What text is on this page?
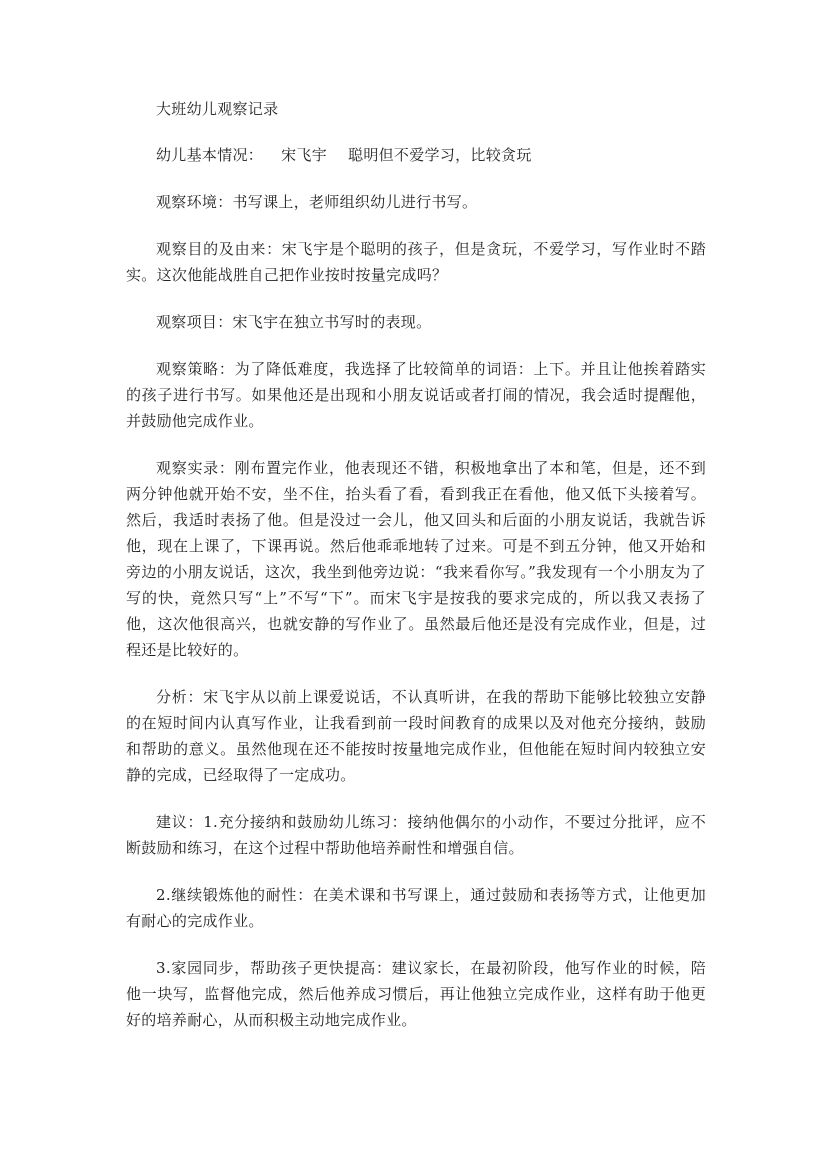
大班幼儿观察记录

幼儿基本情况： 宋飞宇 聪明但不爱学习，比较贪玩

观察环境：书写课上，老师组织幼儿进行书写。

观察目的及由来：宋飞宇是个聪明的孩子，但是贪玩，不爱学习，写作业时不踏实。这次他能战胜自己把作业按时按量完成吗？

观察项目：宋飞宇在独立书写时的表现。

观察策略：为了降低难度，我选择了比较简单的词语：上下。并且让他挨着踏实的孩子进行书写。如果他还是出现和小朋友说话或者打闹的情况，我会适时提醒他，并鼓励他完成作业。

观察实录：刚布置完作业，他表现还不错，积极地拿出了本和笔，但是，还不到两分钟他就开始不安，坐不住，抬头看了看，看到我正在看他，他又低下头接着写。然后，我适时表扬了他。但是没过一会儿，他又回头和后面的小朋友说话，我就告诉他，现在上课了，下课再说。然后他乖乖地转了过来。可是不到五分钟，他又开始和旁边的小朋友说话，这次，我坐到他旁边说：“我来看你写。”我发现有一个小朋友为了写的快，竟然只写“上”不写“下”。而宋飞宇是按我的要求完成的，所以我又表扬了他，这次他很高兴，也就安静的写作业了。虽然最后他还是没有完成作业，但是，过程还是比较好的。

分析：宋飞宇从以前上课爱说话，不认真听讲，在我的帮助下能够比较独立安静的在短时间内认真写作业，让我看到前一段时间教育的成果以及对他充分接纳，鼓励和帮助的意义。虽然他现在还不能按时按量地完成作业，但他能在短时间内较独立安静的完成，已经取得了一定成功。

建议：1.充分接纳和鼓励幼儿练习：接纳他偶尔的小动作，不要过分批评，应不断鼓励和练习，在这个过程中帮助他培养耐性和增强自信。

2.继续锻炼他的耐性：在美术课和书写课上，通过鼓励和表扬等方式，让他更加有耐心的完成作业。

3.家园同步，帮助孩子更快提高：建议家长，在最初阶段，他写作业的时候，陪他一块写，监督他完成，然后他养成习惯后，再让他独立完成作业，这样有助于他更好的培养耐心，从而积极主动地完成作业。
